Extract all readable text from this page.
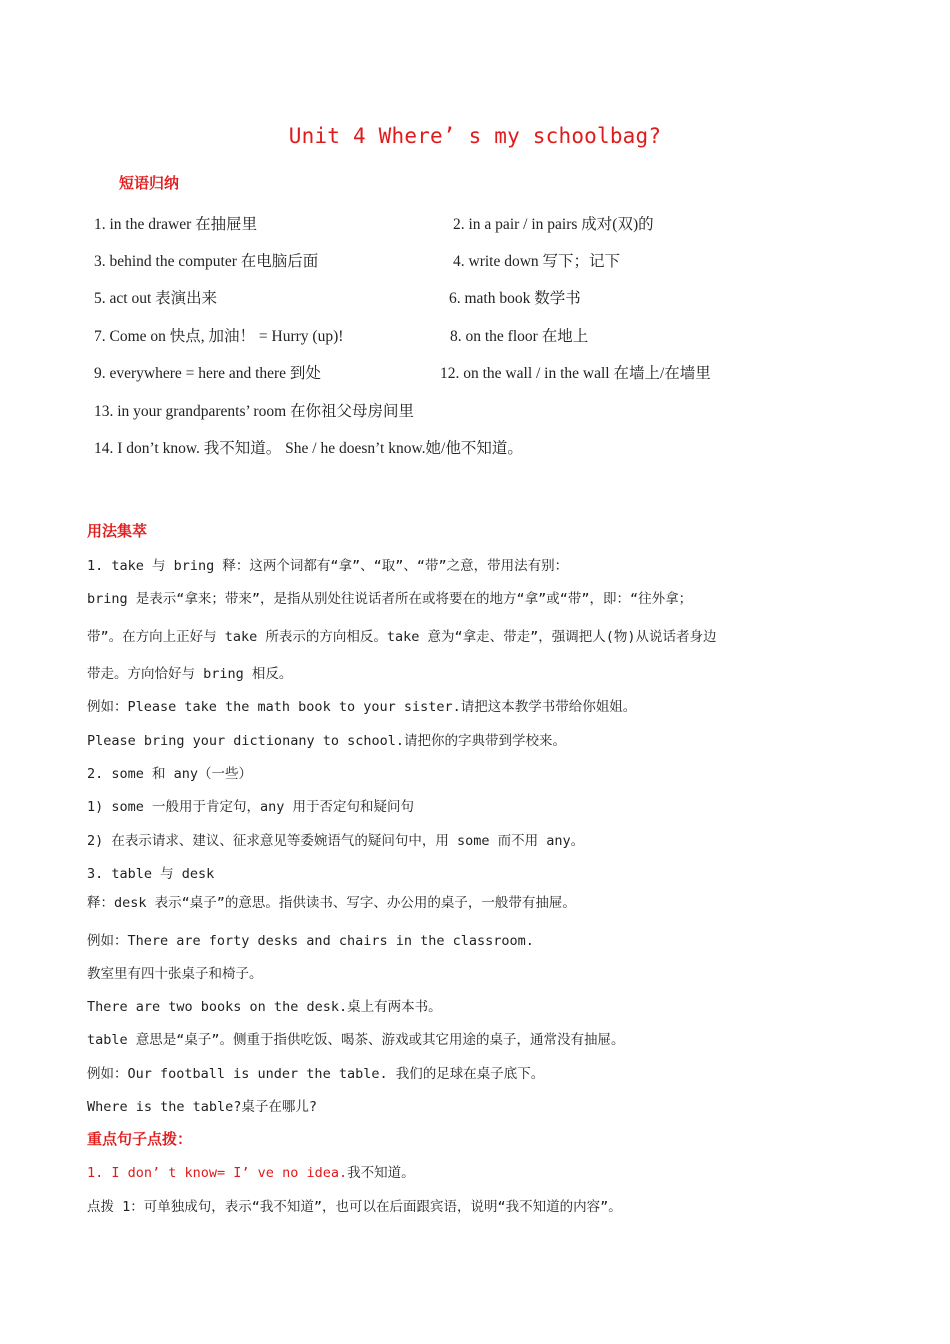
Unit 4 Where’ s my schoolbag?
短语归纳
1. in the drawer 在抽屉里	2. in a pair / in pairs 成对(双)的
3. behind the computer 在电脑后面	4. write down 写下；记下
5. act out 表演出来	6. math book 数学书
7. Come on 快点, 加油！ = Hurry (up)!	8. on the floor 在地上
9. everywhere = here and there 到处	12. on the wall / in the wall 在墙上/在墙里
13. in your grandparents’ room 在你祖父母房间里
14. I don’t know. 我不知道。 She / he doesn’t know.她/他不知道。
用法集萃
1. take 与 bring 释：这两个词都有“拿”、“取”、“带”之意，带用法有别：
bring 是表示“拿来；带来”，是指从别处往说话者所在或将要在的地方“拿”或“带”，即：“往外拿；
带”。在方向上正好与 take 所表示的方向相反。take 意为“拿走、带走”，强调把人(物)从说话者身边
带走。方向恰好与 bring 相反。
例如：Please take the math book to your sister.请把这本教学书带给你姐姐。
Please bring your dictionany to school.请把你的字典带到学校来。
2. some 和 any（一些）
1) some 一般用于肯定句，any 用于否定句和疑问句
2) 在表示请求、建议、征求意见等委婉语气的疑问句中，用 some 而不用 any。
3. table 与 desk
释：desk 表示“桌子”的意思。指供读书、写字、办公用的桌子，一般带有抽屉。
例如：There are forty desks and chairs in the classroom.
教室里有四十张桌子和椅子。
There are two books on the desk.桌上有两本书。
table 意思是“桌子”。侧重于指供吃饭、喝茶、游戏或其它用途的桌子，通常没有抽屉。
例如：Our football is under the table. 我们的足球在桌子底下。
Where is the table?桌子在哪儿?
重点句子点拨：
1. I don’ t know= I’ ve no idea.我不知道。
点拨 1：可单独成句，表示“我不知道”，也可以在后面跟宾语，说明“我不知道的内容”。
